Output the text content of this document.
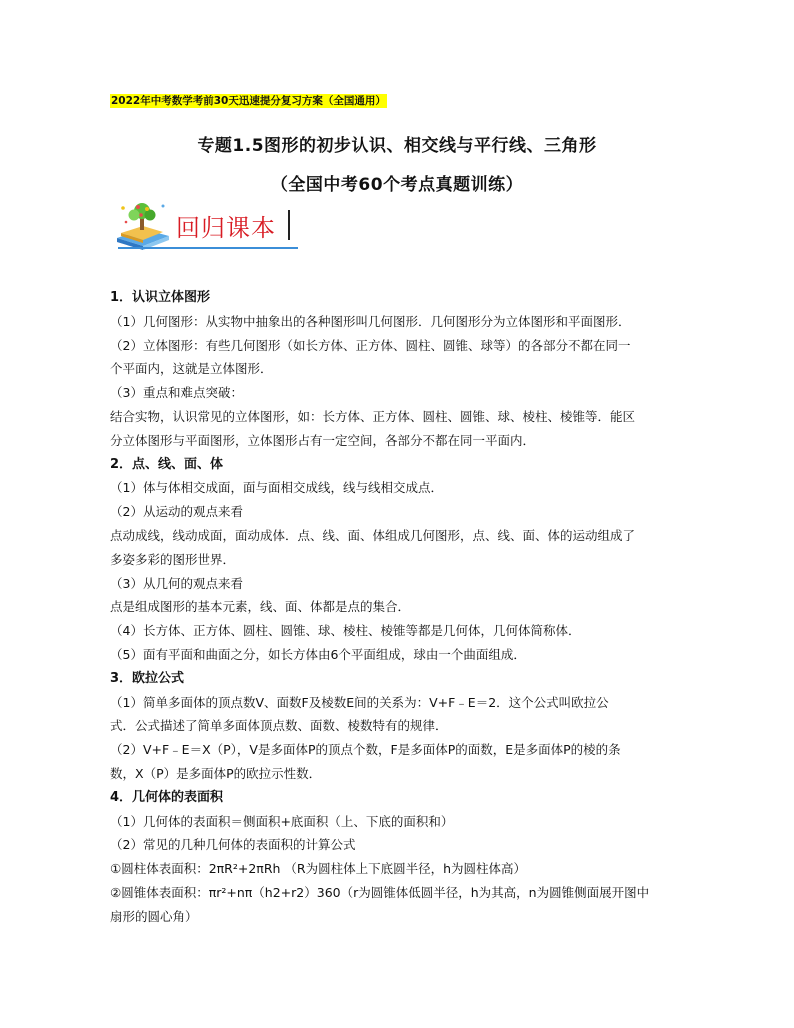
2022年中考数学考前30天迅速提分复习方案（全国通用）
专题1.5图形的初步认识、相交线与平行线、三角形
（全国中考60个考点真题训练）
回归课本
1．认识立体图形
（1）几何图形：从实物中抽象出的各种图形叫几何图形．几何图形分为立体图形和平面图形．
（2）立体图形：有些几何图形（如长方体、正方体、圆柱、圆锥、球等）的各部分不都在同一
个平面内，这就是立体图形．
（3）重点和难点突破：
结合实物，认识常见的立体图形，如：长方体、正方体、圆柱、圆锥、球、棱柱、棱锥等．能区
分立体图形与平面图形，立体图形占有一定空间，各部分不都在同一平面内．
2．点、线、面、体
（1）体与体相交成面，面与面相交成线，线与线相交成点．
（2）从运动的观点来看
点动成线，线动成面，面动成体．点、线、面、体组成几何图形，点、线、面、体的运动组成了
多姿多彩的图形世界．
（3）从几何的观点来看
点是组成图形的基本元素，线、面、体都是点的集合．
（4）长方体、正方体、圆柱、圆锥、球、棱柱、棱锥等都是几何体，几何体简称体．
（5）面有平面和曲面之分，如长方体由6个平面组成，球由一个曲面组成．
3．欧拉公式
（1）简单多面体的顶点数V、面数F及棱数E间的关系为：V+F﹣E＝2．这个公式叫欧拉公
式．公式描述了简单多面体顶点数、面数、棱数特有的规律．
（2）V+F﹣E＝X（P），V是多面体P的顶点个数，F是多面体P的面数，E是多面体P的棱的条
数，X（P）是多面体P的欧拉示性数．
4．几何体的表面积
（1）几何体的表面积＝侧面积+底面积（上、下底的面积和）
（2）常见的几种几何体的表面积的计算公式
①圆柱体表面积：2πR²+2πRh （R为圆柱体上下底圆半径，h为圆柱体高）
②圆锥体表面积：πr²+nπ（h2+r2）360（r为圆锥体低圆半径，h为其高，n为圆锥侧面展开图中
扇形的圆心角）
